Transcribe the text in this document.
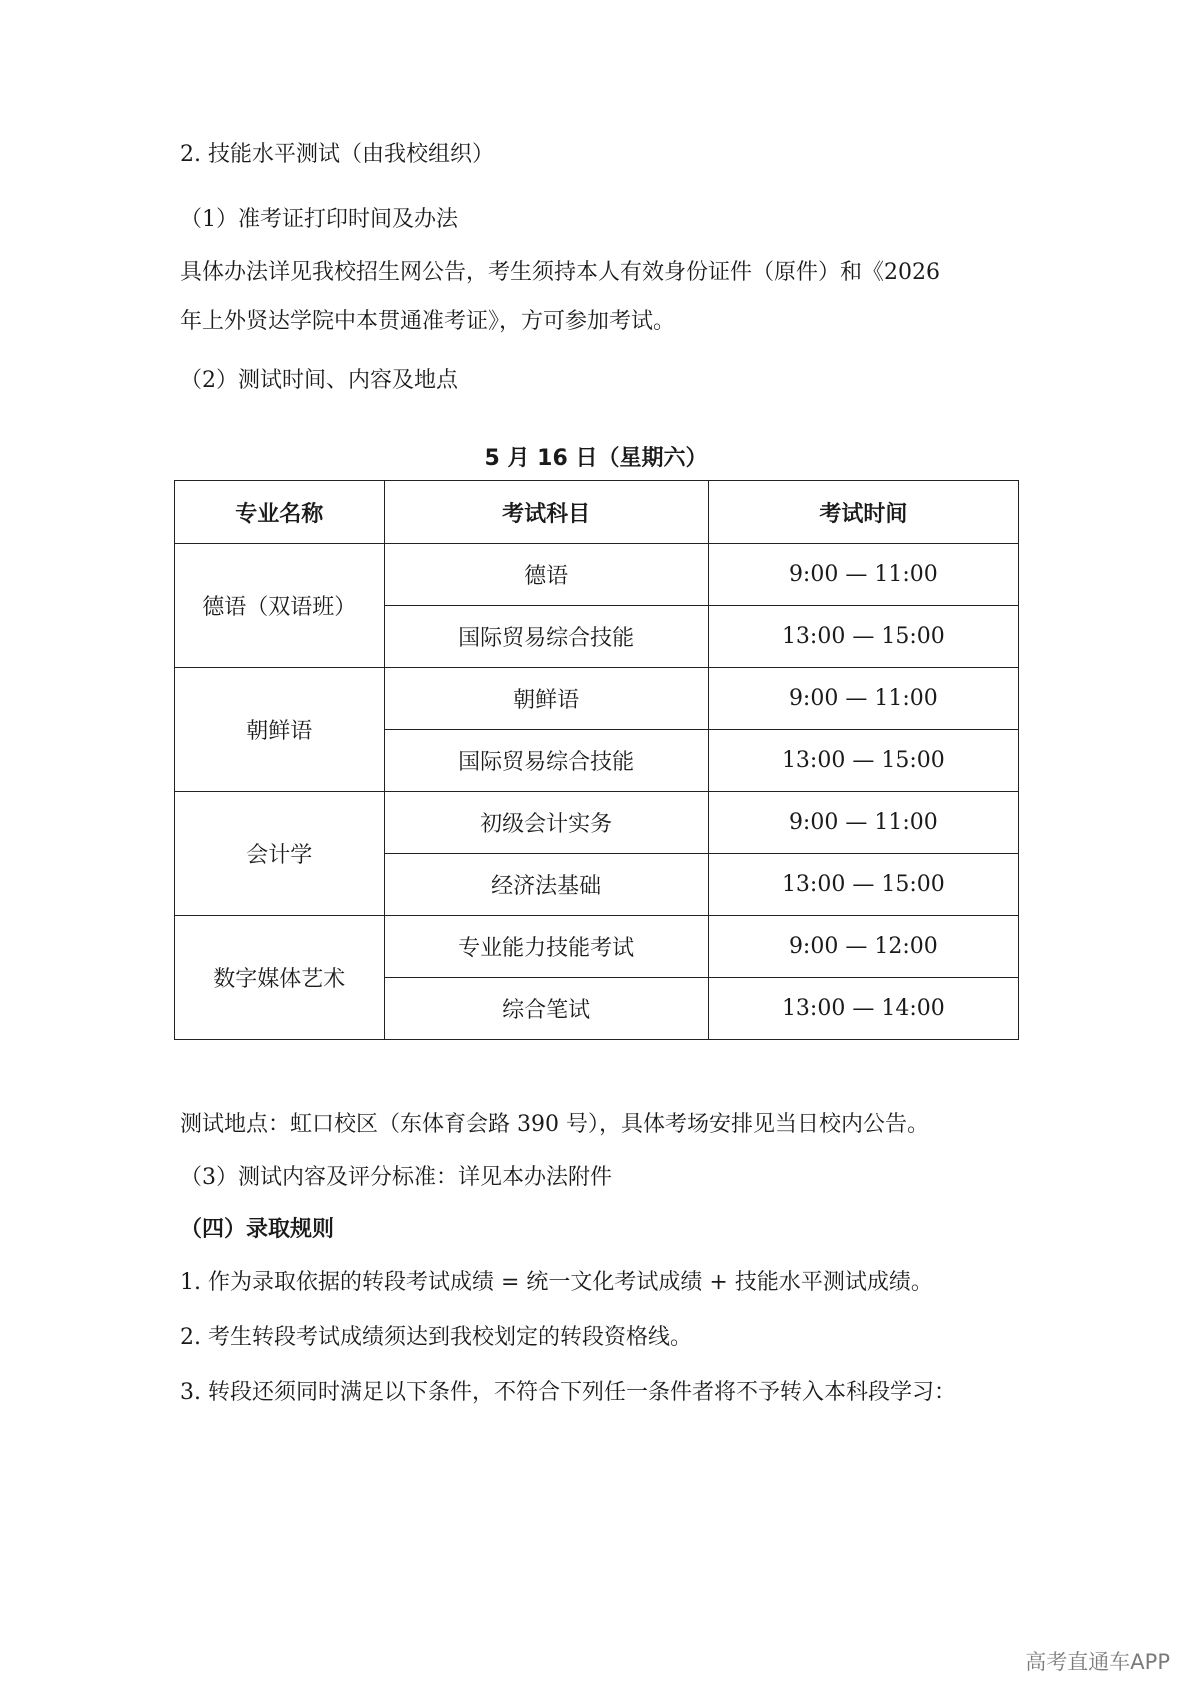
2. 技能水平测试（由我校组织）
（1）准考证打印时间及办法
具体办法详见我校招生网公告，考生须持本人有效身份证件（原件）和《2026
年上外贤达学院中本贯通准考证》，方可参加考试。
（2）测试时间、内容及地点
5 月 16 日（星期六）
专业名称	考试科目	考试时间
德语（双语班）	德语	9:00 — 11:00
	国际贸易综合技能	13:00 — 15:00
朝鲜语	朝鲜语	9:00 — 11:00
	国际贸易综合技能	13:00 — 15:00
会计学	初级会计实务	9:00 — 11:00
	经济法基础	13:00 — 15:00
数字媒体艺术	专业能力技能考试	9:00 — 12:00
	综合笔试	13:00 — 14:00
测试地点：虹口校区（东体育会路 390 号），具体考场安排见当日校内公告。
（3）测试内容及评分标准：详见本办法附件
（四）录取规则
1. 作为录取依据的转段考试成绩 = 统一文化考试成绩 + 技能水平测试成绩。
2. 考生转段考试成绩须达到我校划定的转段资格线。
3. 转段还须同时满足以下条件，不符合下列任一条件者将不予转入本科段学习：
高考直通车APP
